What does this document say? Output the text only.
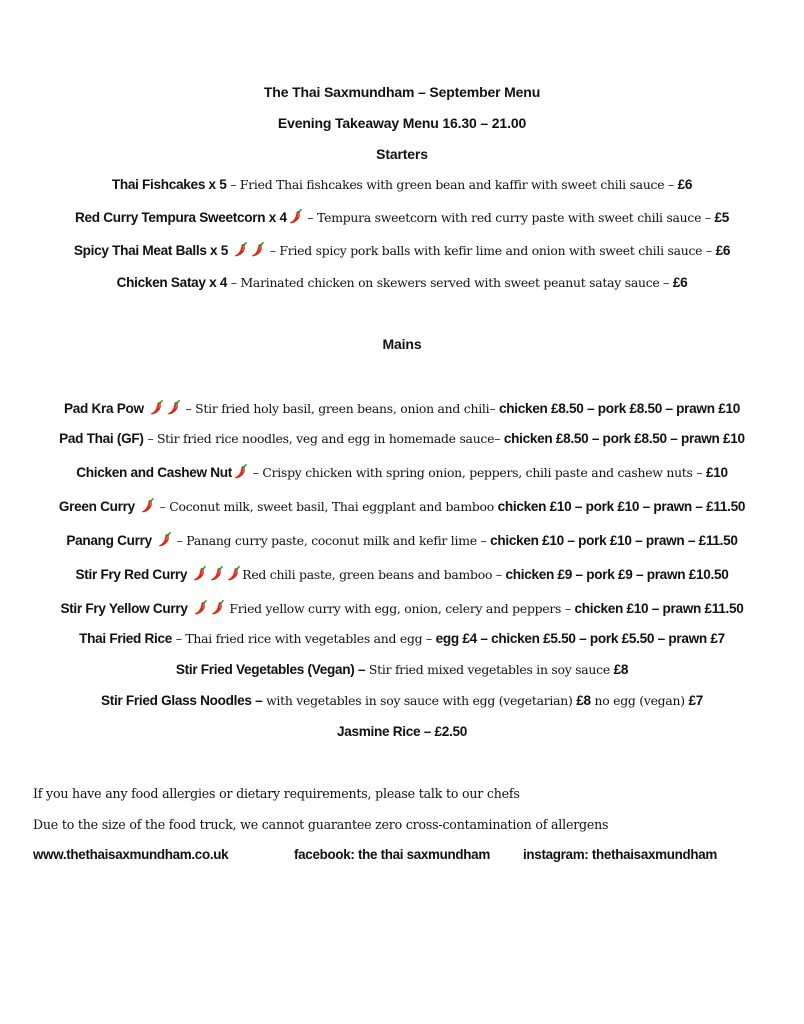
The Thai Saxmundham – September Menu
Evening Takeaway Menu 16.30 – 21.00
Starters
Thai Fishcakes x 5 – Fried Thai fishcakes with green bean and kaffir with sweet chili sauce – £6
Red Curry Tempura Sweetcorn x 4 – Tempura sweetcorn with red curry paste with sweet chili sauce – £5
Spicy Thai Meat Balls x 5	– Fried spicy pork balls with kefir lime and onion with sweet chili sauce – £6
Chicken Satay x 4 – Marinated chicken on skewers served with sweet peanut satay sauce – £6
Mains
Pad Kra Pow	– Stir fried holy basil, green beans, onion and chili– chicken £8.50 – pork £8.50 – prawn £10
Pad Thai (GF) – Stir fried rice noodles, veg and egg in homemade sauce– chicken £8.50 – pork £8.50 – prawn £10
Chicken and Cashew Nut – Crispy chicken with spring onion, peppers, chili paste and cashew nuts – £10
Green Curry  – Coconut milk, sweet basil, Thai eggplant and bamboo chicken £10 – pork £10 – prawn – £11.50
Panang Curry  – Panang curry paste, coconut milk and kefir lime – chicken £10 – pork £10 – prawn – £11.50
Stir Fry Red Curry	Red chili paste, green beans and bamboo – chicken £9 – pork £9 – prawn £10.50
Stir Fry Yellow Curry	Fried yellow curry with egg, onion, celery and peppers – chicken £10 – prawn £11.50
Thai Fried Rice – Thai fried rice with vegetables and egg – egg £4 – chicken £5.50 – pork £5.50 – prawn £7
Stir Fried Vegetables (Vegan) – Stir fried mixed vegetables in soy sauce £8
Stir Fried Glass Noodles – with vegetables in soy sauce with egg (vegetarian) £8 no egg (vegan) £7
Jasmine Rice – £2.50
If you have any food allergies or dietary requirements, please talk to our chefs
Due to the size of the food truck, we cannot guarantee zero cross-contamination of allergens
www.thethaisaxmundham.co.uk	facebook: the thai saxmundham instagram: thethaisaxmundham
